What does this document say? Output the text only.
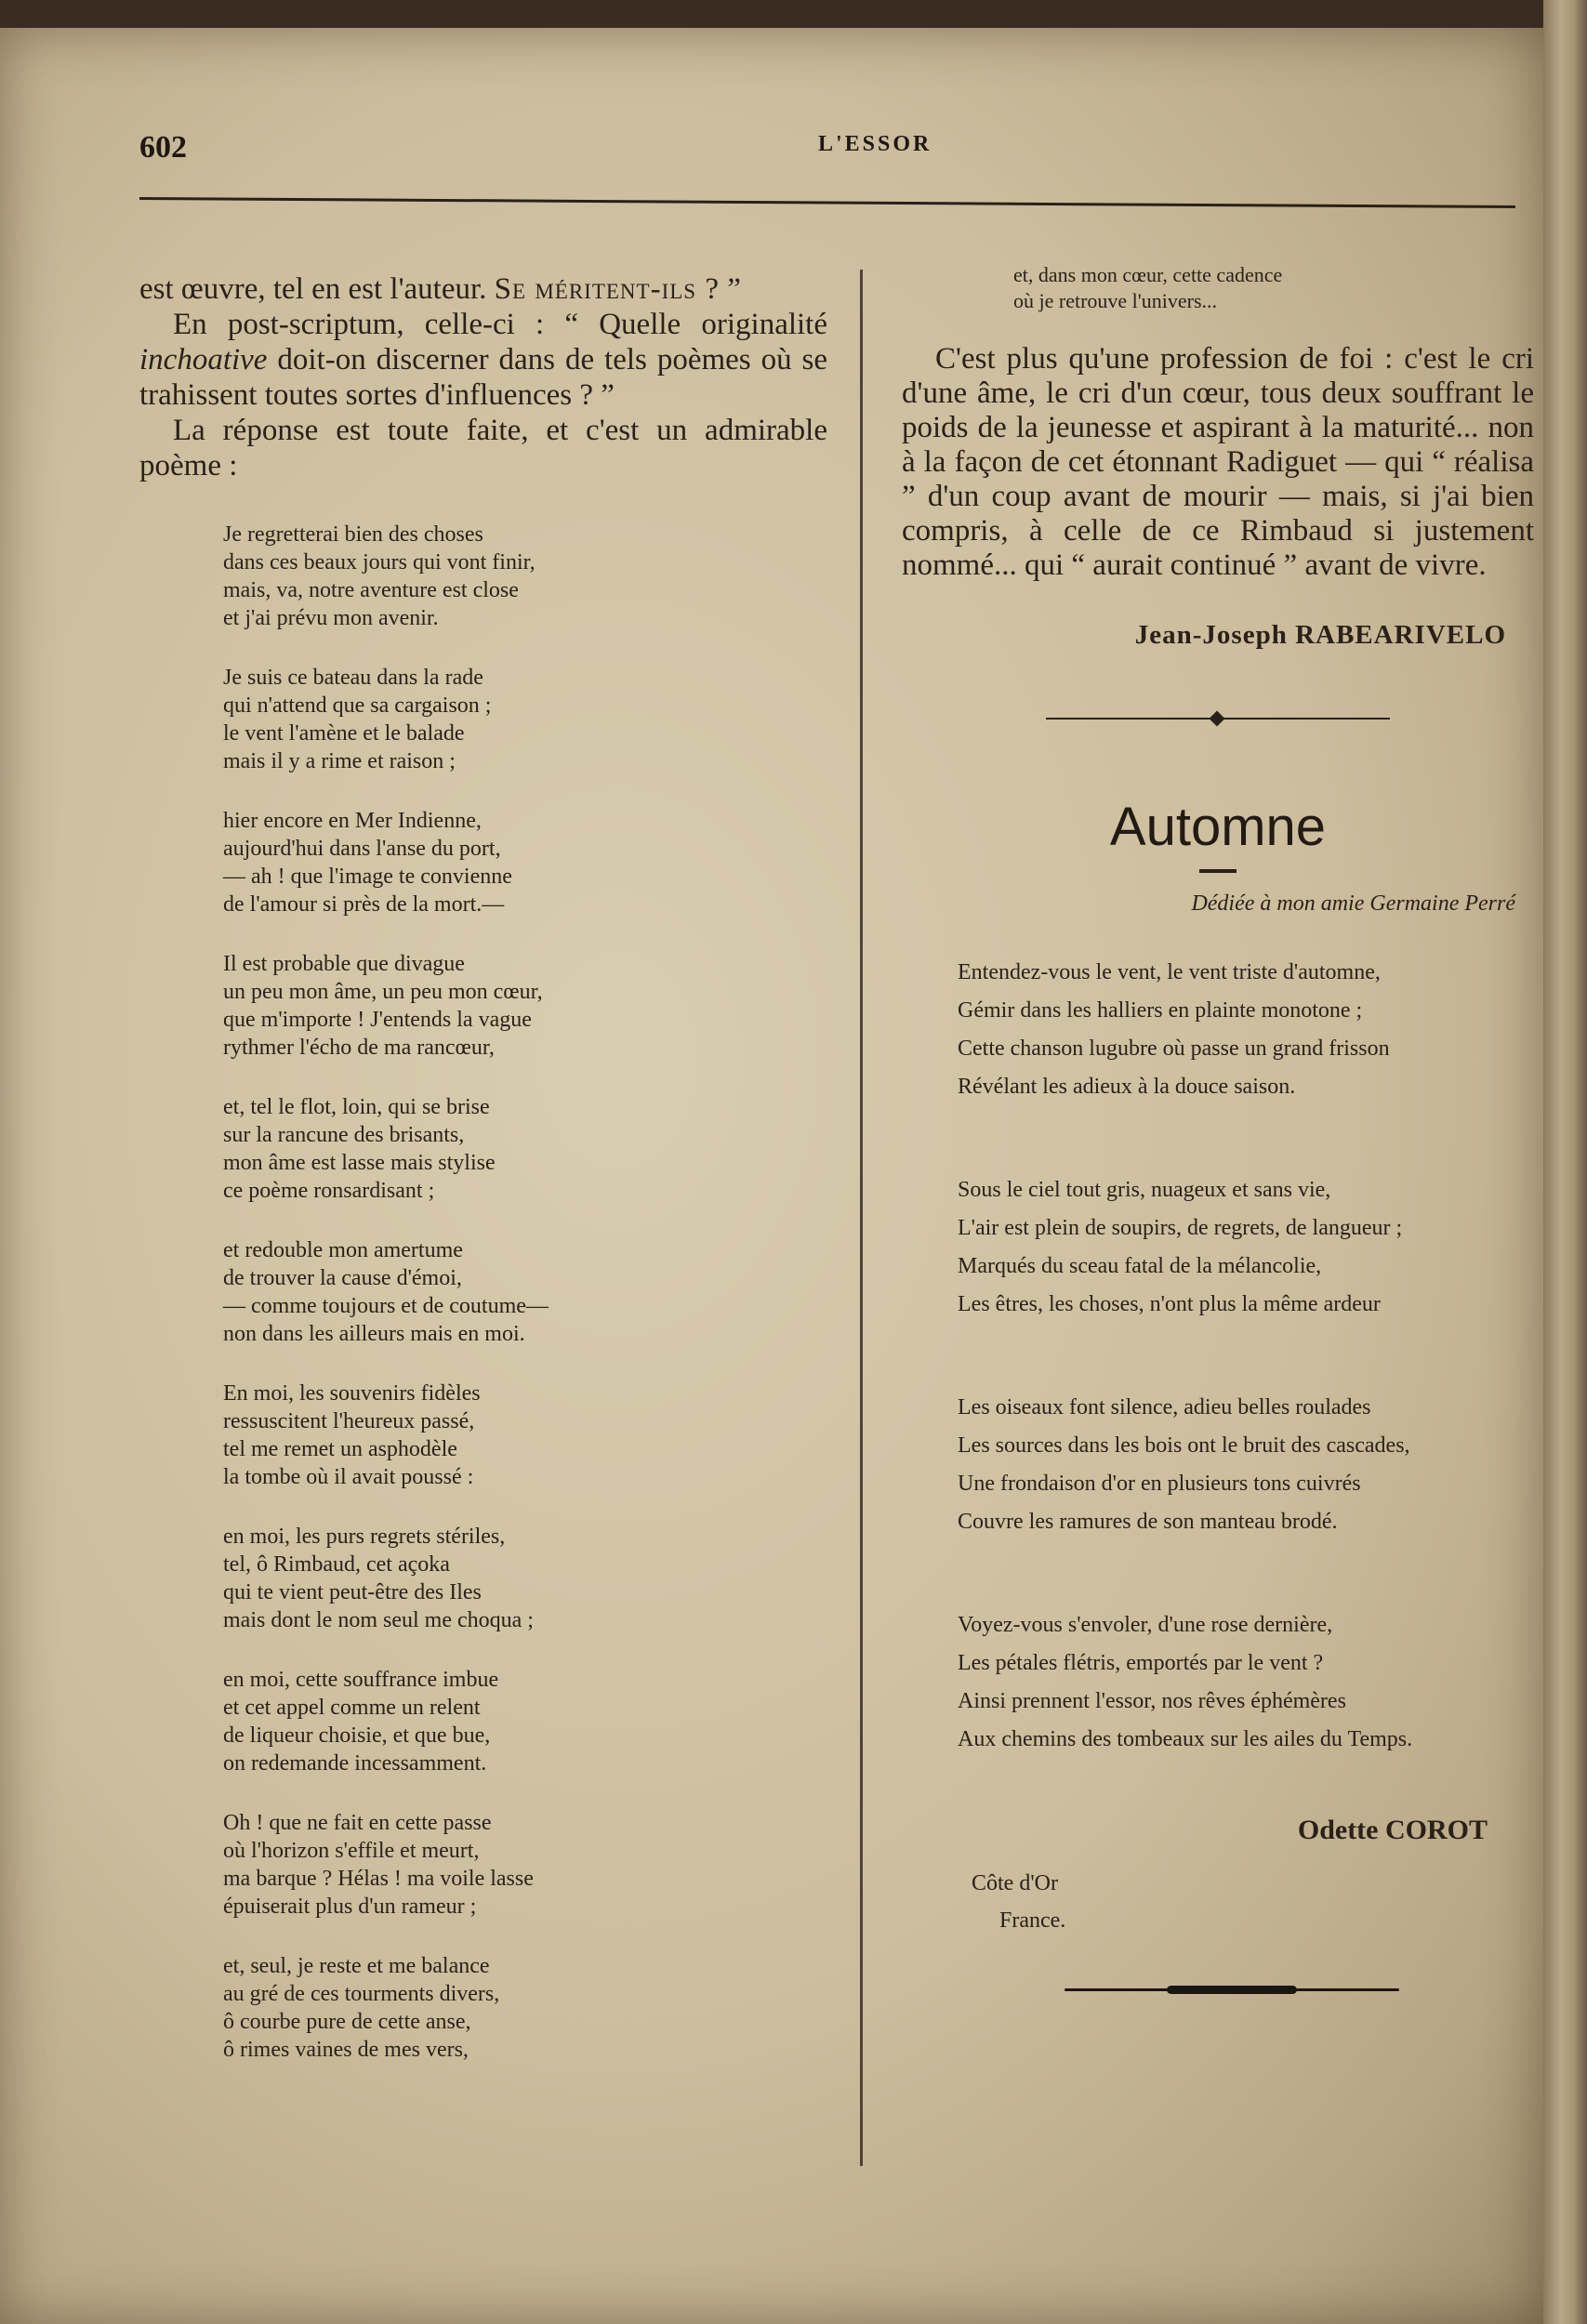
602	L'ESSOR

est œuvre, tel en est l'auteur. Se méritent-ils ? ”

En post-scriptum, celle-ci : “ Quelle originalité inchoative doit-on discerner dans de tels poèmes où se trahissent toutes sortes d'influences ? ”

La réponse est toute faite, et c'est un admirable poème :

Je regretterai bien des choses
dans ces beaux jours qui vont finir,
mais, va, notre aventure est close
et j'ai prévu mon avenir.
Je suis ce bateau dans la rade
qui n'attend que sa cargaison ;
le vent l'amène et le balade
mais il y a rime et raison ;
hier encore en Mer Indienne,
aujourd'hui dans l'anse du port,
— ah ! que l'image te convienne
de l'amour si près de la mort.—
Il est probable que divague
un peu mon âme, un peu mon cœur,
que m'importe ! J'entends la vague
rythmer l'écho de ma rancœur,
et, tel le flot, loin, qui se brise
sur la rancune des brisants,
mon âme est lasse mais stylise
ce poème ronsardisant ;
et redouble mon amertume
de trouver la cause d'émoi,
— comme toujours et de coutume—
non dans les ailleurs mais en moi.
En moi, les souvenirs fidèles
ressuscitent l'heureux passé,
tel me remet un asphodèle
la tombe où il avait poussé :
en moi, les purs regrets stériles,
tel, ô Rimbaud, cet açoka
qui te vient peut-être des Iles
mais dont le nom seul me choqua ;
en moi, cette souffrance imbue
et cet appel comme un relent
de liqueur choisie, et que bue,
on redemande incessamment.
Oh ! que ne fait en cette passe
où l'horizon s'effile et meurt,
ma barque ? Hélas ! ma voile lasse
épuiserait plus d'un rameur ;
et, seul, je reste et me balance
au gré de ces tourments divers,
ô courbe pure de cette anse,
ô rimes vaines de mes vers,
et, dans mon cœur, cette cadence
où je retrouve l'univers...

C'est plus qu'une profession de foi : c'est le cri d'une âme, le cri d'un cœur, tous deux souffrant le poids de la jeunesse et aspirant à la maturité... non à la façon de cet étonnant Radiguet — qui “ réalisa ” d'un coup avant de mourir — mais, si j'ai bien compris, à celle de ce Rimbaud si justement nommé... qui “ aurait continué ” avant de vivre.

Jean-Joseph RABEARIVELO
Automne
Dédiée à mon amie Germaine Perré
Entendez-vous le vent, le vent triste d'automne,
Gémir dans les halliers en plainte monotone ;
Cette chanson lugubre où passe un grand frisson
Révélant les adieux à la douce saison.
Sous le ciel tout gris, nuageux et sans vie,
L'air est plein de soupirs, de regrets, de langueur ;
Marqués du sceau fatal de la mélancolie,
Les êtres, les choses, n'ont plus la même ardeur
Les oiseaux font silence, adieu belles roulades
Les sources dans les bois ont le bruit des cascades,
Une frondaison d'or en plusieurs tons cuivrés
Couvre les ramures de son manteau brodé.
Voyez-vous s'envoler, d'une rose dernière,
Les pétales flétris, emportés par le vent ?
Ainsi prennent l'essor, nos rêves éphémères
Aux chemins des tombeaux sur les ailes du Temps.
Odette COROT
Côte d'Or
France.
